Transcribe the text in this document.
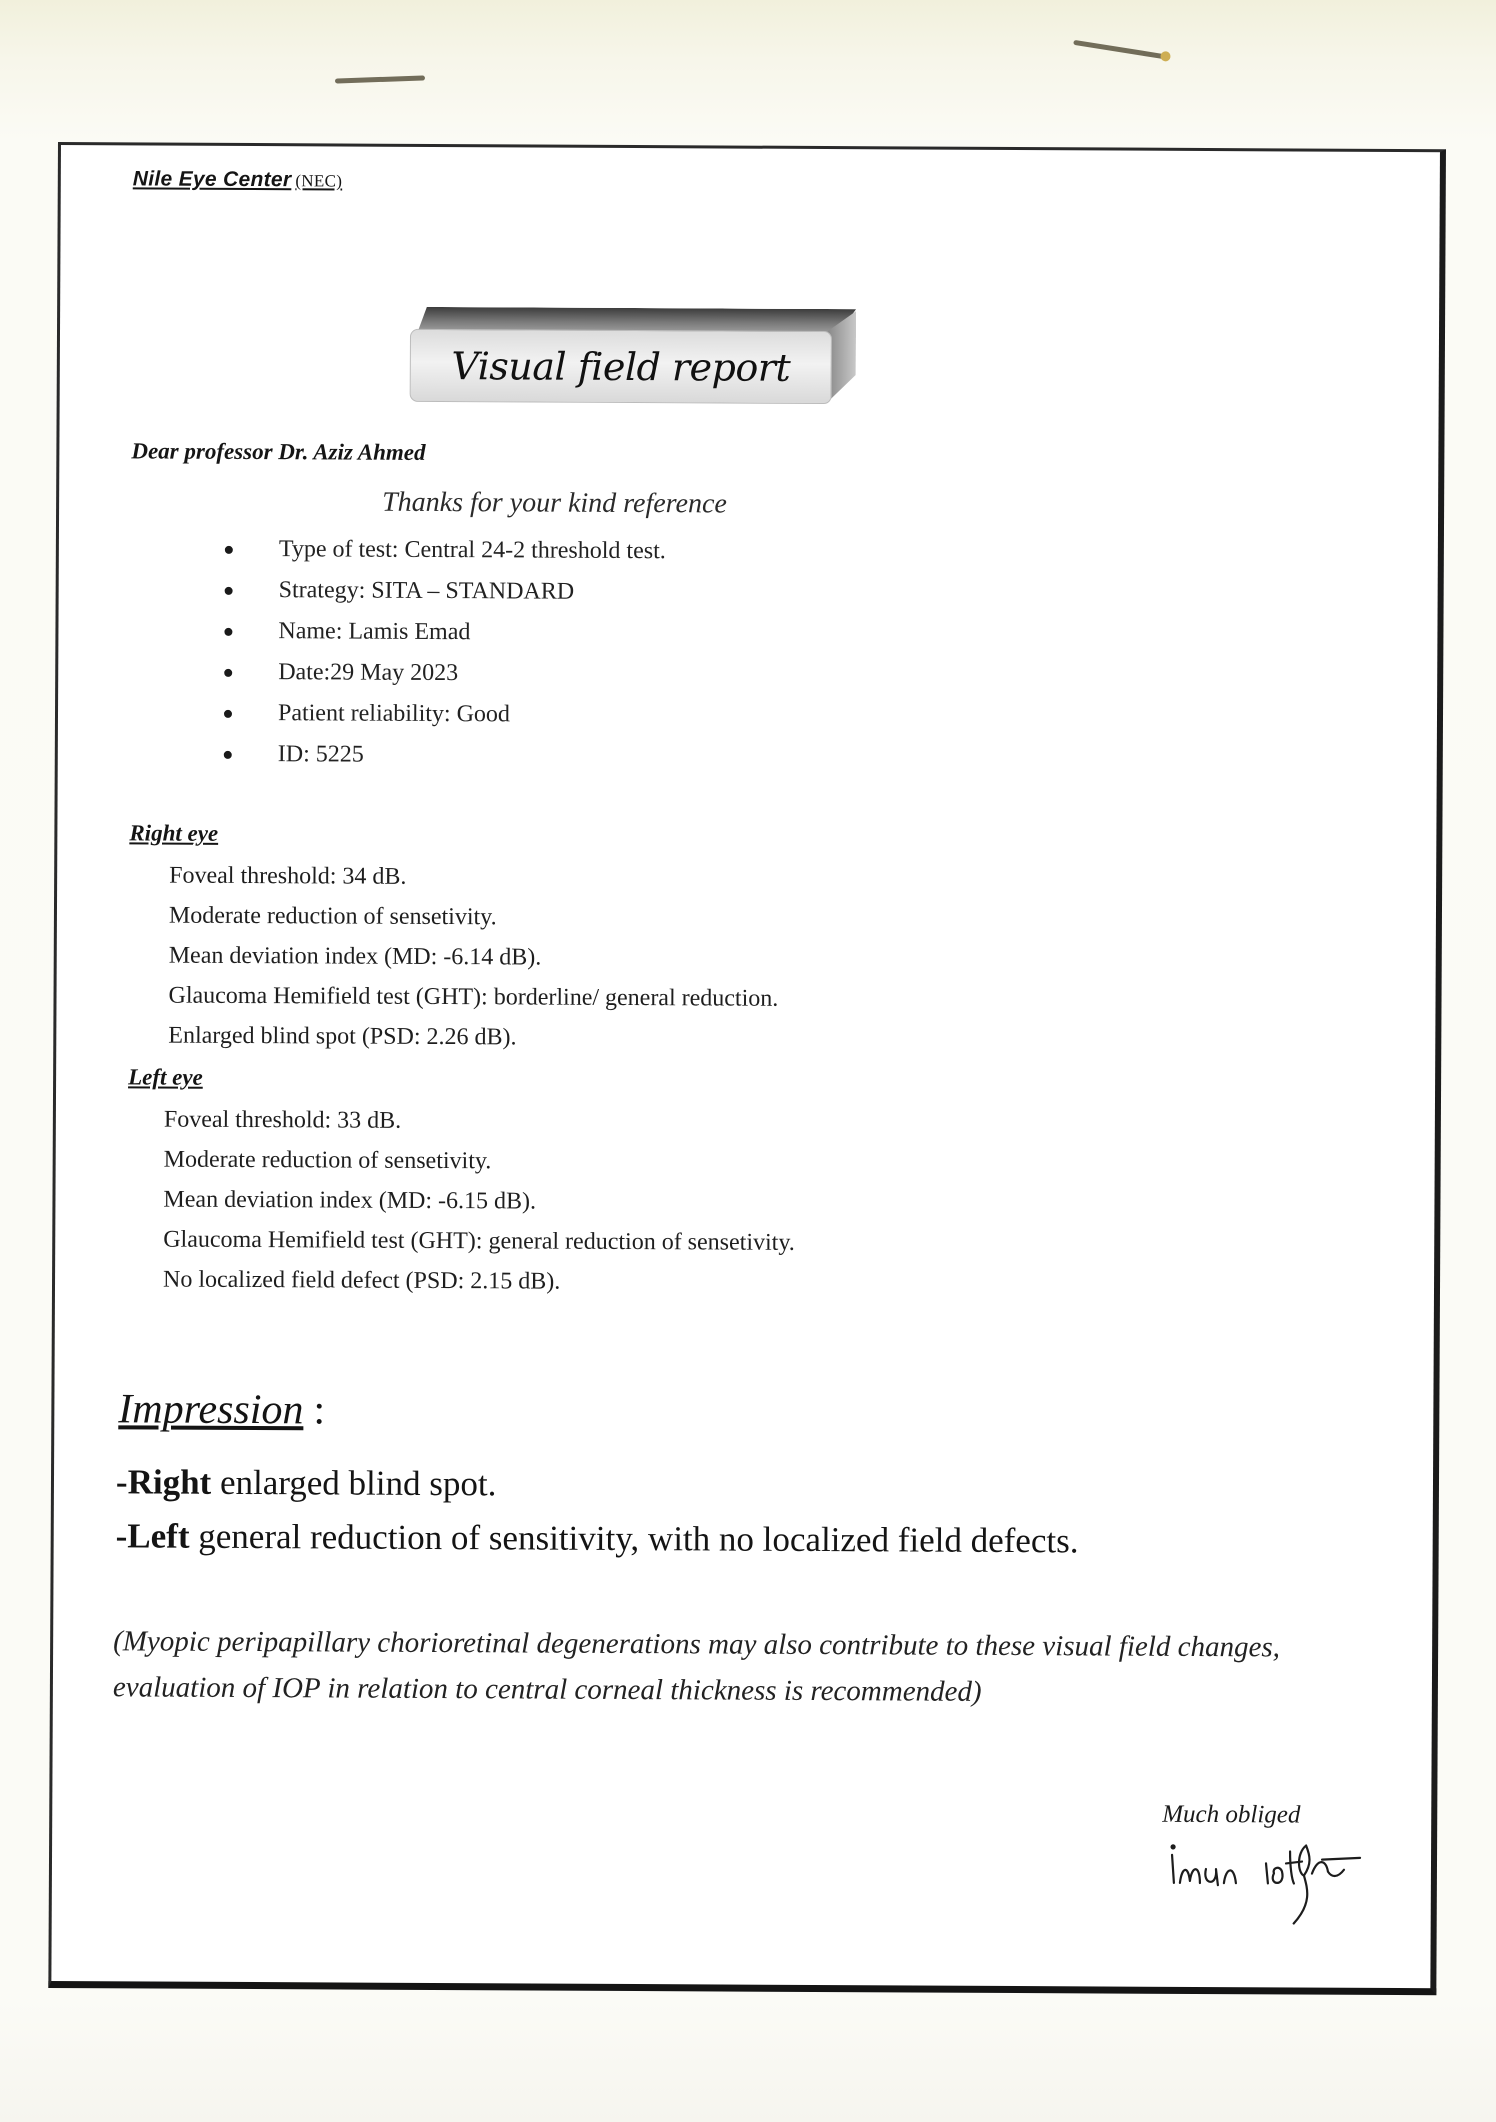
Nile Eye Center (NEC)
Visual field report
Dear professor Dr. Aziz Ahmed
Thanks for your kind reference
Type of test: Central 24-2 threshold test.
Strategy: SITA – STANDARD
Name: Lamis Emad
Date:29 May 2023
Patient reliability: Good
ID: 5225
Right eye
Foveal threshold: 34 dB.
Moderate reduction of sensetivity.
Mean deviation index (MD: -6.14 dB).
Glaucoma Hemifield test (GHT): borderline/ general reduction.
Enlarged blind spot (PSD: 2.26 dB).
Left eye
Foveal threshold: 33 dB.
Moderate reduction of sensetivity.
Mean deviation index (MD: -6.15 dB).
Glaucoma Hemifield test (GHT): general reduction of sensetivity.
No localized field defect (PSD: 2.15 dB).
Impression :
-Right enlarged blind spot.
-Left general reduction of sensitivity, with no localized field defects.
(Myopic peripapillary chorioretinal degenerations may also contribute to these visual field changes, evaluation of IOP in relation to central corneal thickness is recommended)
Much obliged
